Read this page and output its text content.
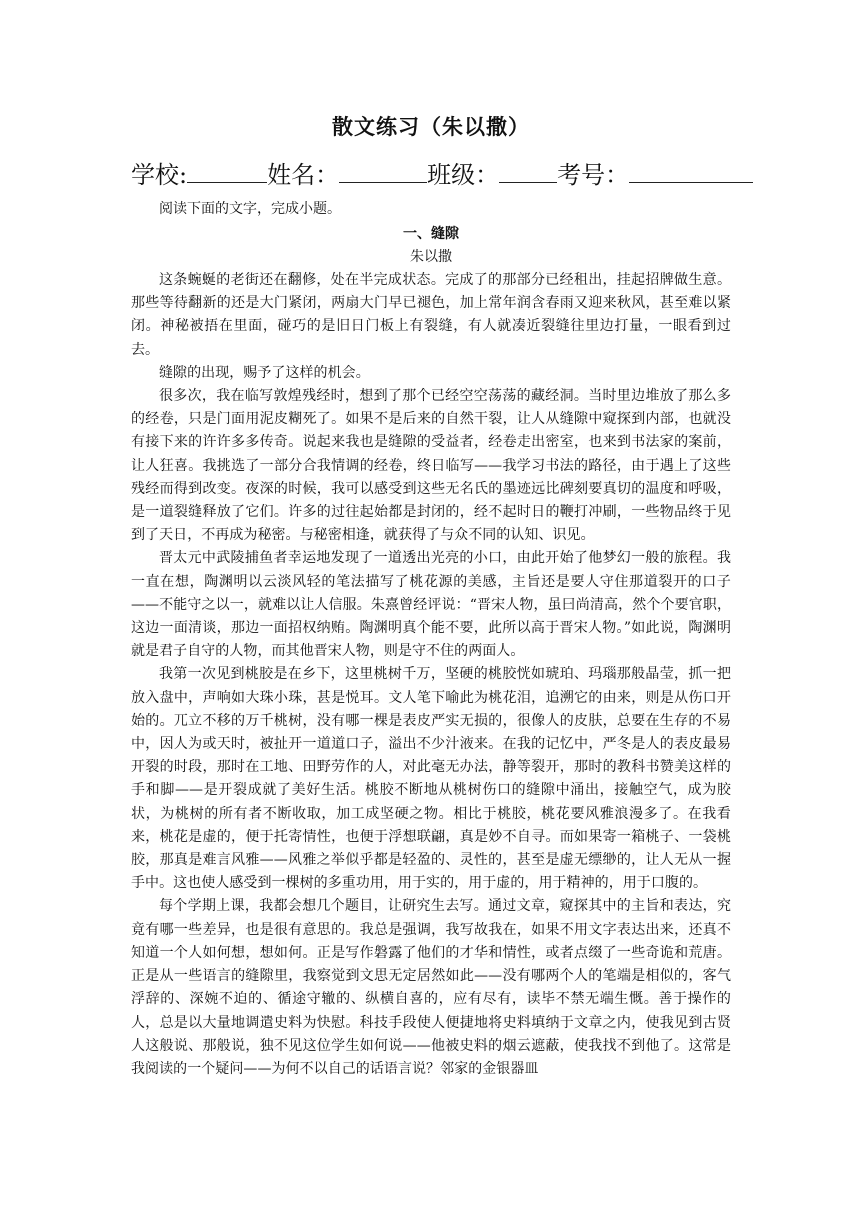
散文练习（朱以撒）
学校:	姓名：	班级： 考号：
阅读下面的文字，完成小题。
一、缝隙
朱以撒

这条蜿蜒的老街还在翻修，处在半完成状态。完成了的那部分已经租出，挂起招牌做生意。那些等待翻新的还是大门紧闭，两扇大门早已褪色，加上常年润含春雨又迎来秋风，甚至难以紧闭。神秘被捂在里面，碰巧的是旧日门板上有裂缝，有人就凑近裂缝往里边打量，一眼看到过去。

缝隙的出现，赐予了这样的机会。

很多次，我在临写敦煌残经时，想到了那个已经空空荡荡的藏经洞。当时里边堆放了那么多的经卷，只是门面用泥皮糊死了。如果不是后来的自然干裂，让人从缝隙中窥探到内部，也就没有接下来的许许多多传奇。说起来我也是缝隙的受益者，经卷走出密室，也来到书法家的案前，让人狂喜。我挑选了一部分合我情调的经卷，终日临写——我学习书法的路径，由于遇上了这些残经而得到改变。夜深的时候，我可以感受到这些无名氏的墨迹远比碑刻要真切的温度和呼吸，是一道裂缝释放了它们。许多的过往起始都是封闭的，经不起时日的鞭打冲刷，一些物品终于见到了天日，不再成为秘密。与秘密相逢，就获得了与众不同的认知、识见。

晋太元中武陵捕鱼者幸运地发现了一道透出光亮的小口，由此开始了他梦幻一般的旅程。我一直在想，陶渊明以云淡风轻的笔法描写了桃花源的美感，主旨还是要人守住那道裂开的口子——不能守之以一，就难以让人信服。朱熹曾经评说：“晋宋人物，虽曰尚清高，然个个要官职，这边一面清谈，那边一面招权纳贿。陶渊明真个能不要，此所以高于晋宋人物。”如此说，陶渊明就是君子自守的人物，而其他晋宋人物，则是守不住的两面人。

我第一次见到桃胶是在乡下，这里桃树千万，坚硬的桃胶恍如琥珀、玛瑙那般晶莹，抓一把放入盘中，声响如大珠小珠，甚是悦耳。文人笔下喻此为桃花泪，追溯它的由来，则是从伤口开始的。兀立不移的万千桃树，没有哪一棵是表皮严实无损的，很像人的皮肤，总要在生存的不易中，因人为或天时，被扯开一道道口子，溢出不少汁液来。在我的记忆中，严冬是人的表皮最易开裂的时段，那时在工地、田野劳作的人，对此毫无办法，静等裂开，那时的教科书赞美这样的手和脚——是开裂成就了美好生活。桃胶不断地从桃树伤口的缝隙中涌出，接触空气，成为胶状，为桃树的所有者不断收取，加工成坚硬之物。相比于桃胶，桃花要风雅浪漫多了。在我看来，桃花是虚的，便于托寄情性，也便于浮想联翩，真是妙不自寻。而如果寄一箱桃子、一袋桃胶，那真是难言风雅——风雅之举似乎都是轻盈的、灵性的，甚至是虚无缥缈的，让人无从一握手中。这也使人感受到一棵树的多重功用，用于实的，用于虚的，用于精神的，用于口腹的。

每个学期上课，我都会想几个题目，让研究生去写。通过文章，窥探其中的主旨和表达，究竟有哪一些差异，也是很有意思的。我总是强调，我写故我在，如果不用文字表达出来，还真不知道一个人如何想，想如何。正是写作磐露了他们的才华和情性，或者点缀了一些奇诡和荒唐。正是从一些语言的缝隙里，我察觉到文思无定居然如此——没有哪两个人的笔端是相似的，客气浮辞的、深婉不迫的、循途守辙的、纵横自喜的，应有尽有，读毕不禁无端生慨。善于操作的人，总是以大量地调遣史料为快慰。科技手段使人便捷地将史料填纳于文章之内，使我见到古贤人这般说、那般说，独不见这位学生如何说——他被史料的烟云遮蔽，使我找不到他了。这常是我阅读的一个疑问——为何不以自己的话语言说？邻家的金银器皿
